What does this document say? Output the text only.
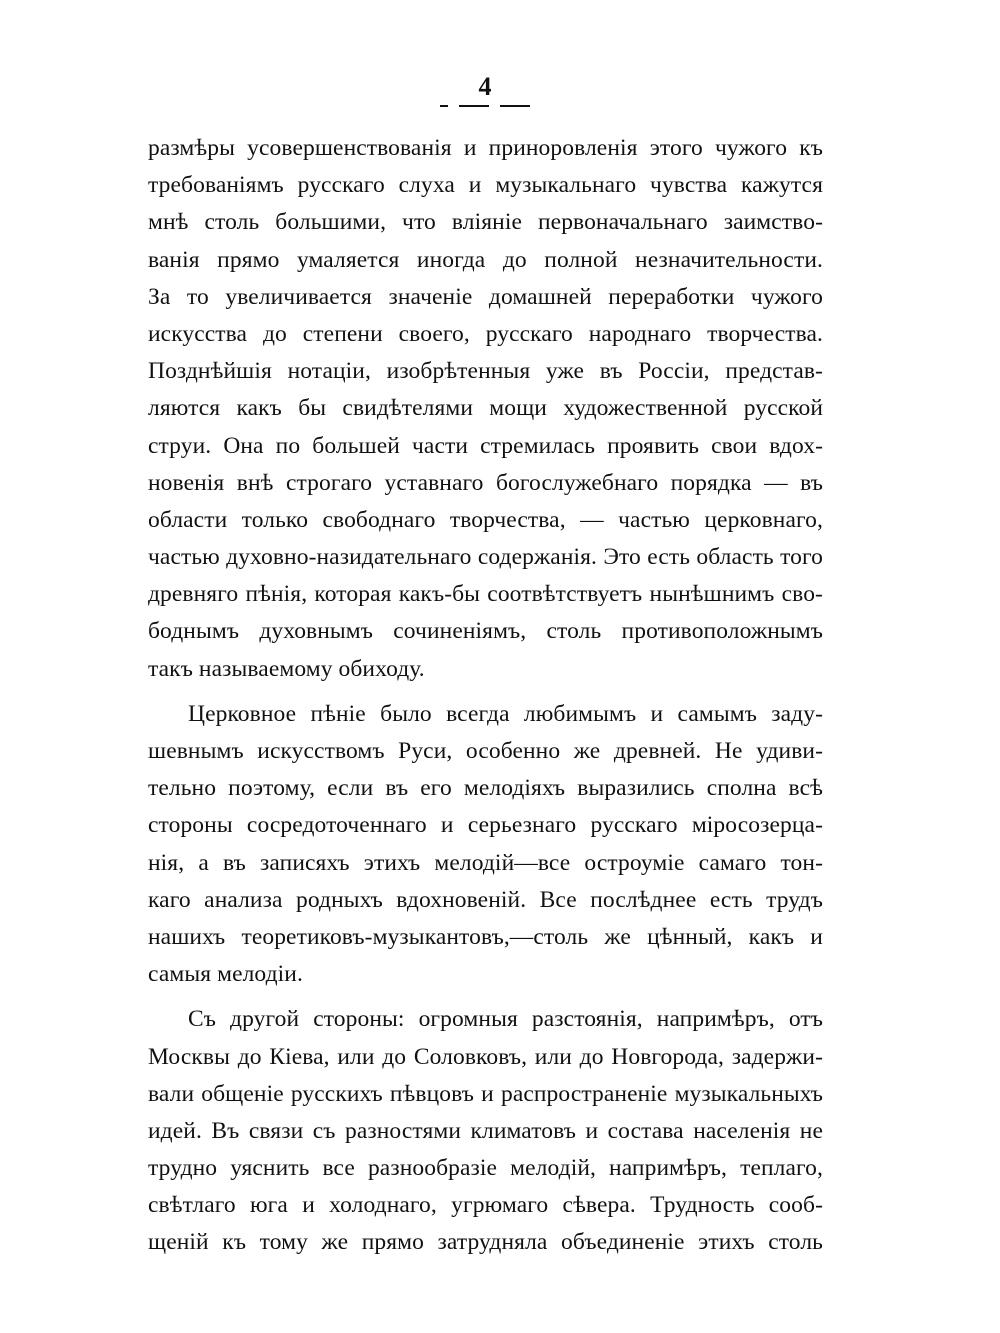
4
размѣры усовершенствованія и приноровленія этого чужого къ
требованіямъ русскаго слуха и музыкальнаго чувства кажутся
мнѣ столь большими, что вліяніе первоначальнаго заимство-
ванія прямо умаляется иногда до полной незначительности.
За то увеличивается значеніе домашней переработки чужого
искусства до степени своего, русскаго народнаго творчества.
Позднѣйшія нотаціи, изобрѣтенныя уже въ Россіи, представ-
ляются какъ бы свидѣтелями мощи художественной русской
струи. Она по большей части стремилась проявить свои вдох-
новенія внѣ строгаго уставнаго богослужебнаго порядка — въ
области только свободнаго творчества, — частью церковнаго,
частью духовно-назидательнаго содержанія. Это есть область того
древняго пѣнія, которая какъ-бы соотвѣтствуетъ нынѣшнимъ сво-
боднымъ духовнымъ сочиненіямъ, столь противоположнымъ
такъ называемому обиходу.
Церковное пѣніе было всегда любимымъ и самымъ заду-
шевнымъ искусствомъ Руси, особенно же древней. Не удиви-
тельно поэтому, если въ его мелодіяхъ выразились сполна всѣ
стороны сосредоточеннаго и серьезнаго русскаго міросозерца-
нія, а въ записяхъ этихъ мелодій—все остроуміе самаго тон-
каго анализа родныхъ вдохновеній. Все послѣднее есть трудъ
нашихъ теоретиковъ-музыкантовъ,—столь же цѣнный, какъ и
самыя мелодіи.
Съ другой стороны: огромныя разстоянія, напримѣръ, отъ
Москвы до Кіева, или до Соловковъ, или до Новгорода, задержи-
вали общеніе русскихъ пѣвцовъ и распространеніе музыкальныхъ
идей. Въ связи съ разностями климатовъ и состава населенія не
трудно уяснить все разнообразіе мелодій, напримѣръ, теплаго,
свѣтлаго юга и холоднаго, угрюмаго сѣвера. Трудность сооб-
щеній къ тому же прямо затрудняла объединеніе этихъ столь
